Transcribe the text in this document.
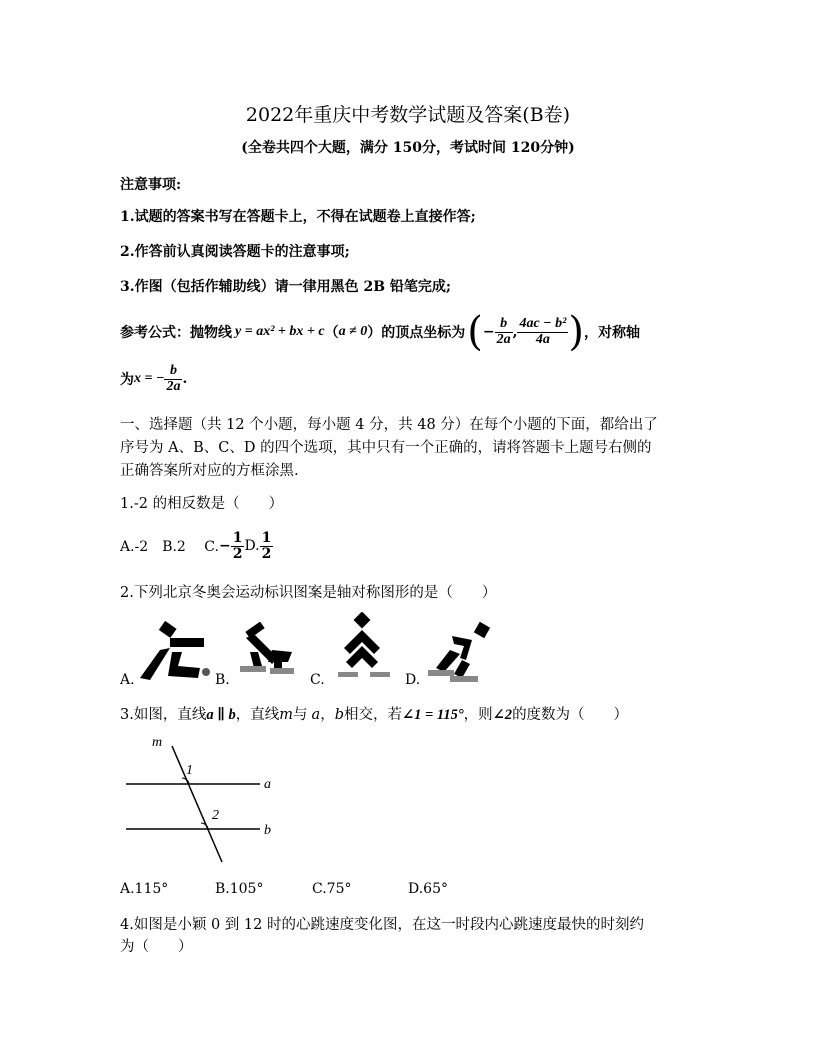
2022年重庆中考数学试题及答案(B卷)
(全卷共四个大题，满分 150分，考试时间 120分钟)
注意事项:
1.试题的答案书写在答题卡上，不得在试题卷上直接作答;
2.作答前认真阅读答题卡的注意事项;
3.作图（包括作辅助线）请一律用黑色 2B 铅笔完成;
参考公式：抛物线 y = ax² + bx + c （ a ≠ 0 ） 的顶点坐标为 ( − $\frac{b}{2a}$ , $\frac{\text{4ac − b²}}{4a}$ ) ，对称轴
为 x = − $\frac{b}{2a}$ .
一、选择题（共 12 个小题，每小题 4 分，共 48 分）在每个小题的下面，都给出了
序号为 A、B、C、D 的四个选项，其中只有一个正确的，请将答题卡上题号右侧的
正确答案所对应的方框涂黑.
1.-2 的相反数是（　　）
A.-2　B.2　 C. − $\frac{1}{2} D$. $\frac{1}{2}$
2.下列北京冬奥会运动标识图案是轴对称图形的是（　　）
A.	B.	C.	D.
3.如图，直线 a ∥ b ，直线 m 与 a ， b 相交，若 ∠1 = 115° ，则 ∠2 的度数为（　　）
m
1
2
a
b
A.115°	B.105°	C.75°	D.65°
4.如图是小颖 0 到 12 时的心跳速度变化图，在这一时段内心跳速度最快的时刻约
为（　　）
